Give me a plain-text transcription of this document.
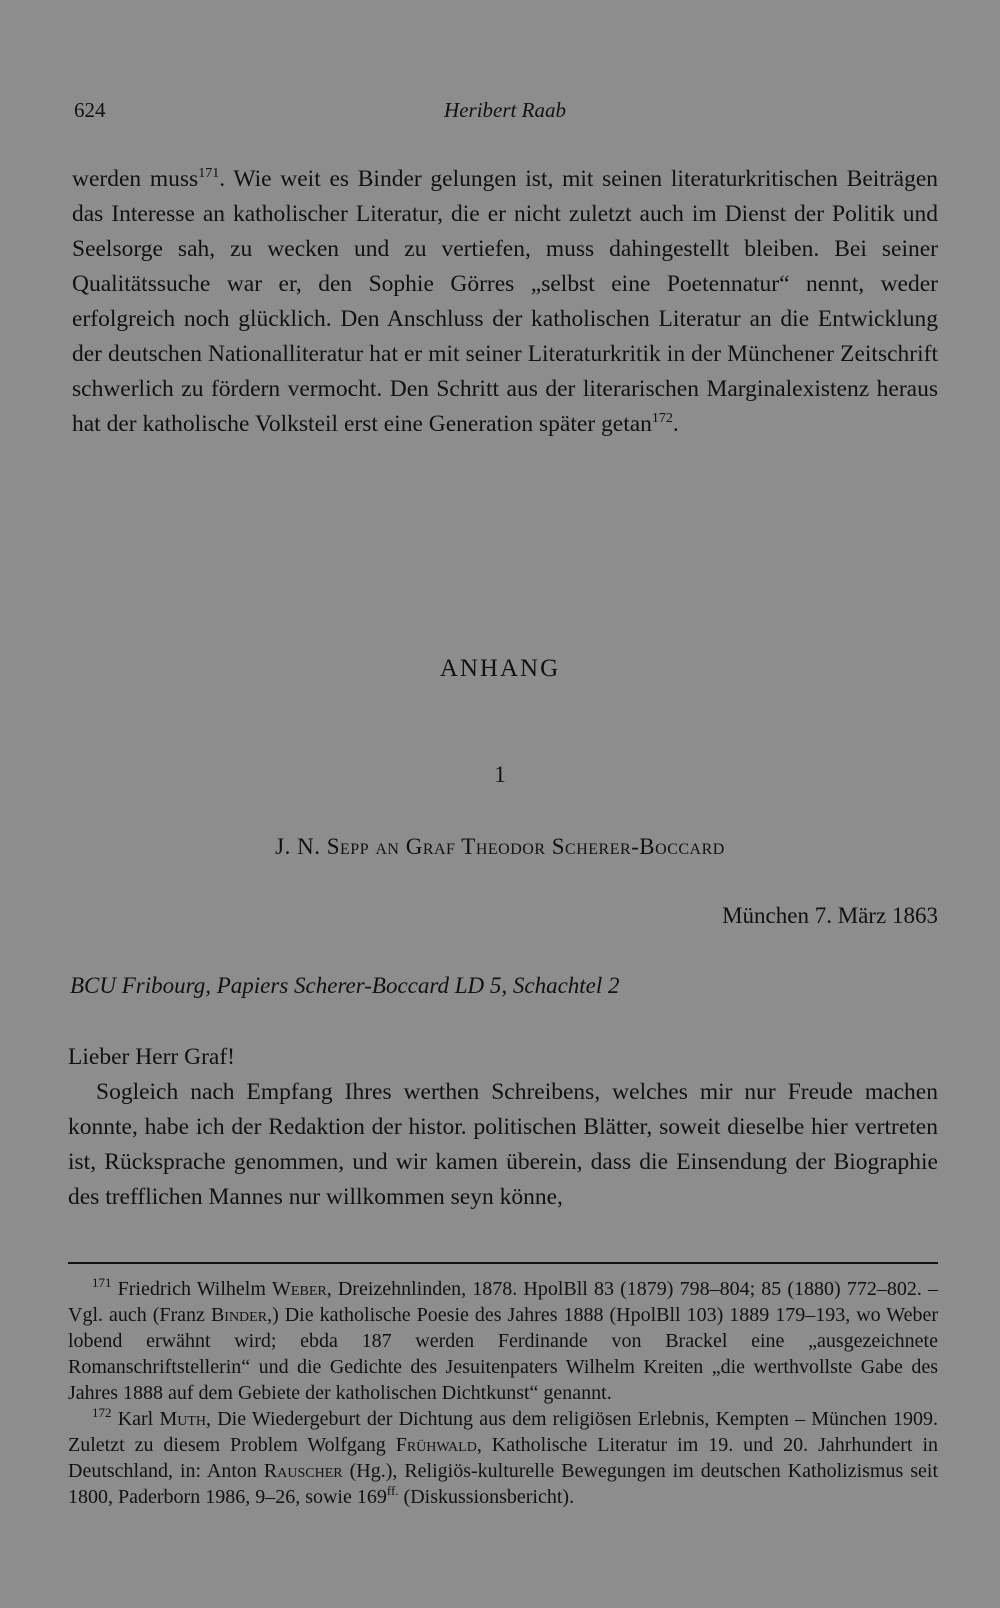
624	Heribert Raab

werden muss$^{171}$. Wie weit es Binder gelungen ist, mit seinen literaturkritischen Beiträgen das Interesse an katholischer Literatur, die er nicht zuletzt auch im Dienst der Politik und Seelsorge sah, zu wecken und zu vertiefen, muss dahingestellt bleiben. Bei seiner Qualitätssuche war er, den Sophie Görres „selbst eine Poetennatur“ nennt, weder erfolgreich noch glücklich. Den Anschluss der katholischen Literatur an die Entwicklung der deutschen Nationalliteratur hat er mit seiner Literaturkritik in der Münchener Zeitschrift schwerlich zu fördern vermocht. Den Schritt aus der literarischen Marginalexistenz heraus hat der katholische Volksteil erst eine Generation später getan$^{172}$.

ANHANG
1
J. N. Sepp an Graf Theodor Scherer-Boccard
München 7. März 1863
BCU Fribourg, Papiers Scherer-Boccard LD 5, Schachtel 2

Lieber Herr Graf!

Sogleich nach Empfang Ihres werthen Schreibens, welches mir nur Freude machen konnte, habe ich der Redaktion der histor. politischen Blätter, soweit dieselbe hier vertreten ist, Rücksprache genommen, und wir kamen überein, dass die Einsendung der Biographie des trefflichen Mannes nur willkommen seyn könne,

$^{171}$ Friedrich Wilhelm Weber, Dreizehnlinden, 1878. HpolBll 83 (1879) 798–804; 85 (1880) 772–802. – Vgl. auch (Franz Binder,) Die katholische Poesie des Jahres 1888 (HpolBll 103) 1889 179–193, wo Weber lobend erwähnt wird; ebda 187 werden Ferdinande von Brackel eine „ausgezeichnete Romanschriftstellerin“ und die Gedichte des Jesuitenpaters Wilhelm Kreiten „die werthvollste Gabe des Jahres 1888 auf dem Gebiete der katholischen Dichtkunst“ genannt.

$^{172}$ Karl Muth, Die Wiedergeburt der Dichtung aus dem religiösen Erlebnis, Kempten – München 1909. Zuletzt zu diesem Problem Wolfgang Frühwald, Katholische Literatur im 19. und 20. Jahrhundert in Deutschland, in: Anton Rauscher (Hg.), Religiös-kulturelle Bewegungen im deutschen Katholizismus seit 1800, Paderborn 1986, 9–26, sowie $169^{ff.}$ (Diskussionsbericht).
